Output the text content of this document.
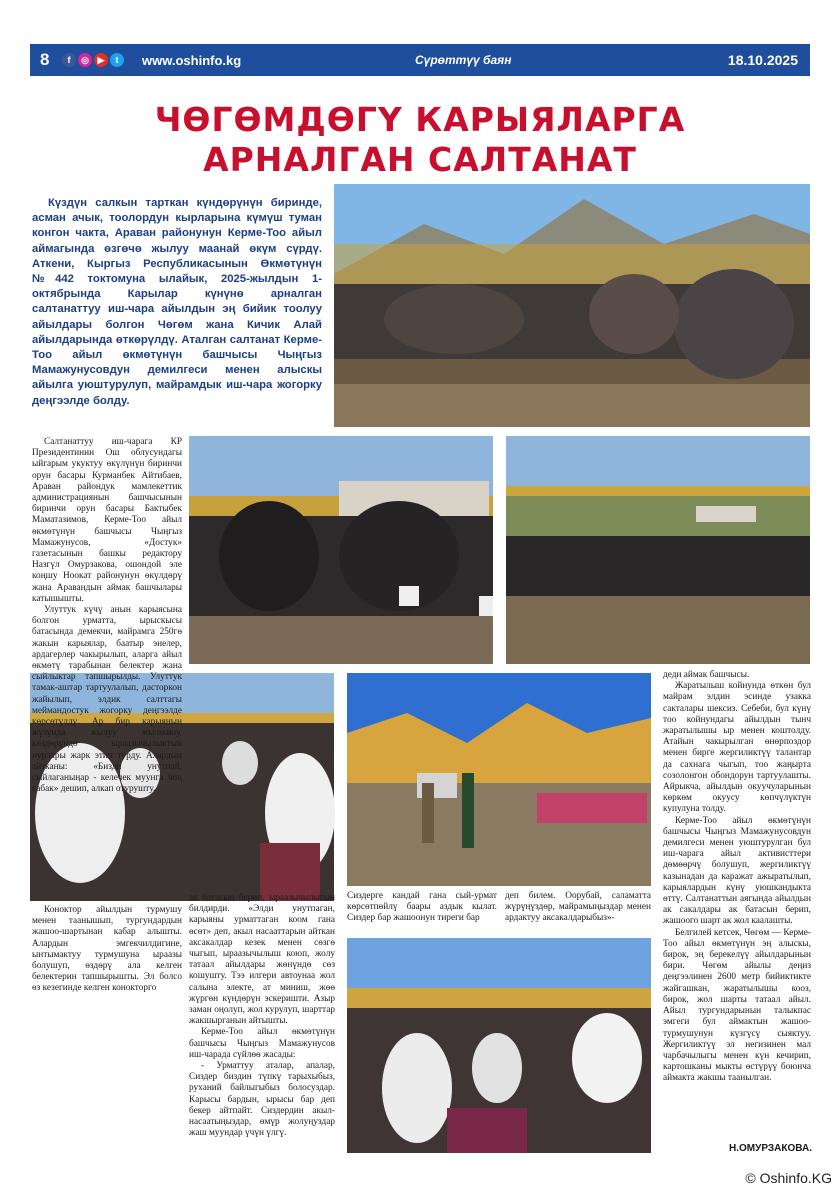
8	f	◎ ▶	t	www.oshinfo.kg	Сүрөттүү баян	18.10.2025
ЧӨГӨМДӨГҮ КАРЫЯЛАРГА
АРНАЛГАН САЛТАНАТ
Күздүн салкын тарткан күндөрүнүн биринде, асман ачык, тоолордун кырларына күмүш туман конгон чакта, Араван районунун Керме-Тоо айыл аймагында өзгөчө жылуу маанай өкүм сүрдү. Аткени, Кыргыз Республикасынын Өкмөтүнүн №442 токтомуна ылайык, 2025-жылдын 1-октябрында Карылар күнүнө арналган салтанаттуу иш-чара айылдын эң бийик тоолуу айылдары болгон Чөгөм жана Кичик Алай айылдарында өткөрүлдү. Аталган салтанат Керме-Тоо айыл өкмөтүнүн башчысы Чыңгыз Мамажунусовдун демилгеси менен алыскы айылга уюштурулуп, майрамдык иш-чара жогорку деңгээлде болду.

Салтанаттуу иш-чарага КР Президентинин Ош облусундагы ыйгарым укуктуу өкүлүнүн биринчи орун басары Курманбек Айтибаев, Араван райондук мамлекеттик администрациянын башчысынын биринчи орун басары Бактыбек Маматазимов, Керме-Тоо айыл өкмөтүнүн башчысы Чыңгыз Мамажунусов, «Достук» газетасынын башкы редактору Назгүл Омурзакова, ошондой эле коңшу Ноокат районунун өкүлдөрү жана Аравандын аймак башчылары катышышты.

Улуттук күчү анын карыясына болгон урматта, ырыскысы батасында демекчи, майрамга 250гө жакын карыялар, баатыр энелер, ардагерлер чакырылып, аларга айыл өкмөтү тарабынан белектер жана сыйлыктар тапшырылды. Улуттук тамак-аштар тартуулалып, дасторкон жайылып, элдик салттагы меймандостук жогорку деңгээлде көрсөтүлдү. Ар бир карыянын жүзүндө жылуу жылмаюу, көздөрүндө ыраазычылыктын нурлары жарк этип турду. Алардын айтканы: «Бизди унутпай, сыйлаганыңар - келечек муунга чоң сабак» дешип, алкап отурушту.

Коноктор айылдын турмушу менен таанышып, тургундардын жашоо-шартынан кабар алышты. Алардын эмгекчилдигине, ынтымактуу турмушуна ыраазы болушуп, өздөрү ала келген белектерин тапшырышты. Эл болсо өз кезегинде келген конокторго

ак батасын берип, ыраазычылыгын билдирди. «Элди унутпаган, карыяны урматтаган коом гана өсөт» деп, акыл насааттарын айткан аксакалдар кезек менен сөзгө чыгып, ыраазычылыш коюп, жолу татаал айылдары жөнүндө сөз кошушту. Тээ илгери автоунаа жол салына электе, ат миниш, жөө жүргөн күндөрүн эскеришти. Азыр заман оңолуп, жол курулуп, шарттар жакшырганын айтышты.

Керме-Тоо айыл өкмөтүнүн башчысы Чыңгыз Мамажунусов иш-чарада сүйлөө жасады:

- Урматтуу аталар, апалар, Сиздер биздин түпкү тарыхыбыз, руханий байлыгыбыз болосуздар. Карысы бардын, ырысы бар деп бекер айтпайт. Сиздердин акыл-насаатыңыздар, өмүр жолуңуздар жаш муундар үчүн үлгү.

Сиздерге кандай гана сый-урмат көрсөтпөйлү баары аздык кылат. Сиздер бар жашоонун тиреги бар

деп билем. Оорубай, саламатта жүрүңүздөр, майрамыңыздар менен ардактуу аксакалдарыбыз»-

деди аймак башчысы.

Жаратылыш койнунда өткөн бул майрам элдин эсинде узакка сакталары шексиз. Себеби, бул күнү тоо койнундагы айылдын тынч жаратылышы ыр менен коштолду. Атайын чакырылган өнөрпоздор менен бирге жергиликтүү талантар да сахнага чыгып, тоо жаңырта созолонгон обондорун тартуулашты. Айрыкча, айылдын окуучуларынын көркөм окуусу көпчүлүктүн купулуна толду.

Керме-Тоо айыл өкмөтүнүн башчысы Чыңгыз Мамажунусовдун демилгеси менен уюштурулган бул иш-чарага айыл активисттери дөмөөрчү болушуп, жергиликтүү казынадан да каражат ажыратылып, карыялардын күнү уюшкандыкта өттү. Салтанаттын аягында айылдын ак сакалдары ак батасын берип, жашоого шарт ак жол каалашты.

Белгилей кетсек, Чөгөм — Керме-Тоо айыл өкмөтүнүн эң алыскы, бирок, эң берекелүү айылдарынын бири. Чөгөм айылы деңиз деңгээлинен 2600 метр бийиктикте жайгашкан, жаратылышы кооз, бирок, жол шарты татаал айыл. Айыл тургундарынын талыкпас эмгеги бул аймактын жашоо-турмушунун күзгүсү сыяктуу. Жергиликтүү эл негизинен мал чарбачылыгы менен күн кечирип, картошканы мыкты өстүрүү боюнча аймакта жакшы таанылган.

Н.ОМУРЗАКОВА.
© Oshinfo.KG
